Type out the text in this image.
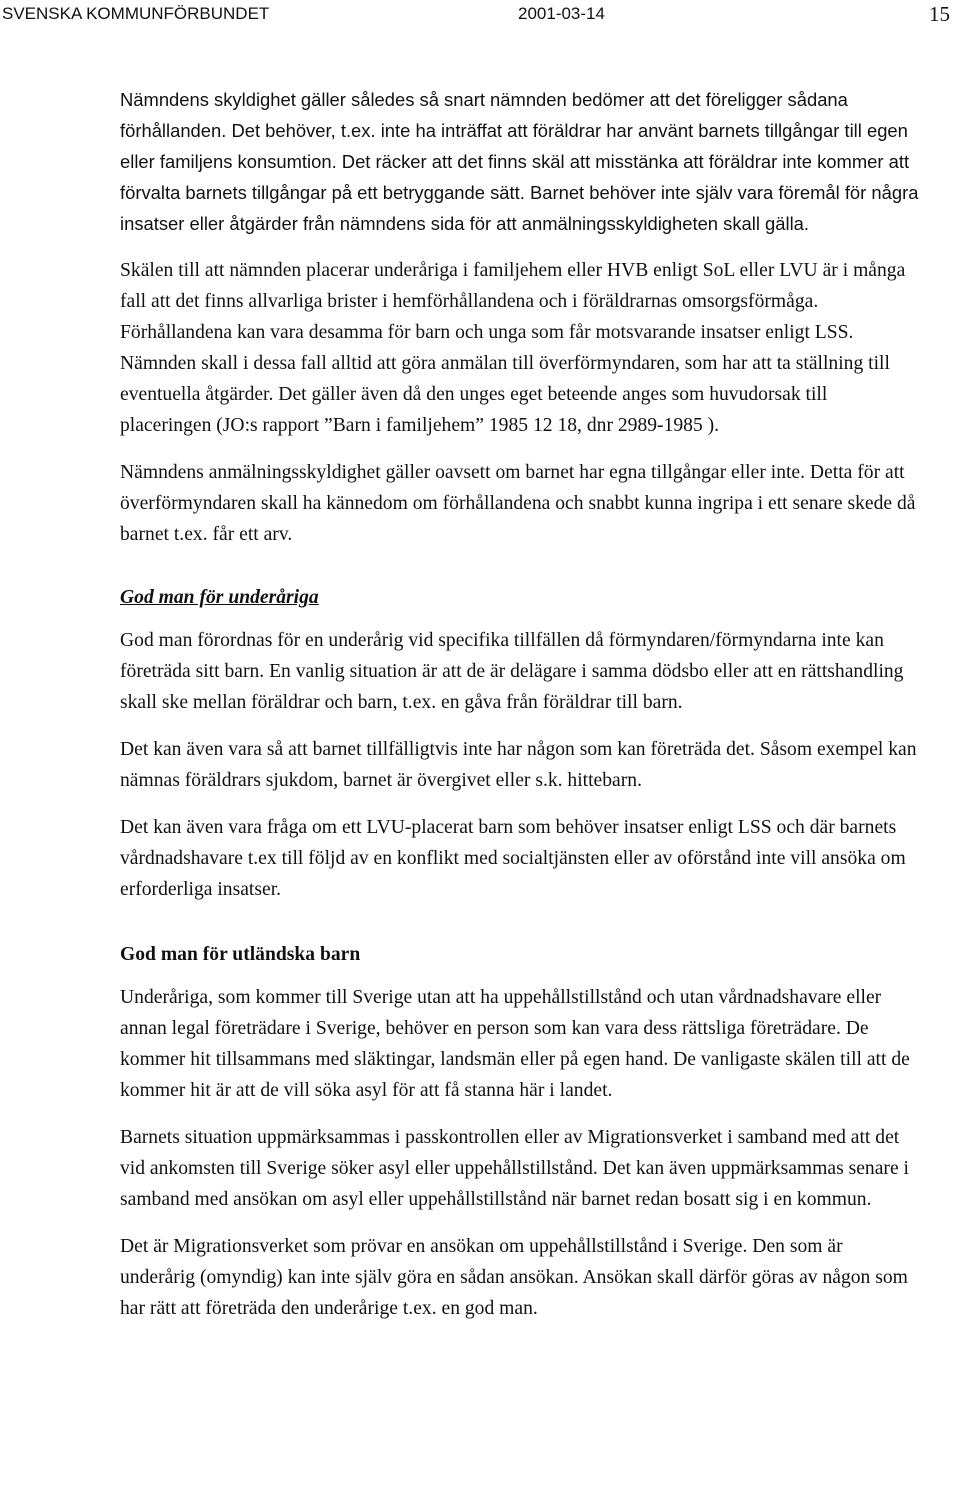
SVENSKA KOMMUNFÖRBUNDET	2001-03-14	15

Nämndens skyldighet gäller således så snart nämnden bedömer att det föreligger sådana förhållanden. Det behöver, t.ex. inte ha inträffat att föräldrar har använt barnets tillgångar till egen eller familjens konsumtion. Det räcker att det finns skäl att misstänka att föräldrar inte kommer att förvalta barnets tillgångar på ett betryggande sätt. Barnet behöver inte själv vara föremål för några insatser eller åtgärder från nämndens sida för att anmälningsskyldigheten skall gälla.

Skälen till att nämnden placerar underåriga i familjehem eller HVB enligt SoL eller LVU är i många fall att det finns allvarliga brister i hemförhållandena och i föräldrarnas omsorgsförmåga. Förhållandena kan vara desamma för barn och unga som får motsvarande insatser enligt LSS. Nämnden skall i dessa fall alltid att göra anmälan till överförmyndaren, som har att ta ställning till eventuella åtgärder. Det gäller även då den unges eget beteende anges som huvudorsak till placeringen (JO:s rapport ”Barn i familjehem” 1985 12 18, dnr 2989-1985 ).

Nämndens anmälningsskyldighet gäller oavsett om barnet har egna tillgångar eller inte. Detta för att överförmyndaren skall ha kännedom om förhållandena och snabbt kunna ingripa i ett senare skede då barnet t.ex. får ett arv.

God man för underåriga

God man förordnas för en underårig vid specifika tillfällen då förmyndaren/förmyndarna inte kan företräda sitt barn. En vanlig situation är att de är delägare i samma dödsbo eller att en rättshandling skall ske mellan föräldrar och barn, t.ex. en gåva från föräldrar till barn.

Det kan även vara så att barnet tillfälligtvis inte har någon som kan företräda det. Såsom exempel kan nämnas föräldrars sjukdom, barnet är övergivet eller s.k. hittebarn.

Det kan även vara fråga om ett LVU-placerat barn som behöver insatser enligt LSS och där barnets vårdnadshavare t.ex till följd av en konflikt med socialtjänsten eller av oförstånd inte vill ansöka om erforderliga insatser.

God man för utländska barn

Underåriga, som kommer till Sverige utan att ha uppehållstillstånd och utan vårdnadshavare eller annan legal företrädare i Sverige, behöver en person som kan vara dess rättsliga företrädare. De kommer hit tillsammans med släktingar, landsmän eller på egen hand. De vanligaste skälen till att de kommer hit är att de vill söka asyl för att få stanna här i landet.

Barnets situation uppmärksammas i passkontrollen eller av Migrationsverket i samband med att det vid ankomsten till Sverige söker asyl eller uppehållstillstånd. Det kan även uppmärksammas senare i samband med ansökan om asyl eller uppehållstillstånd när barnet redan bosatt sig i en kommun.

Det är Migrationsverket som prövar en ansökan om uppehållstillstånd i Sverige. Den som är underårig (omyndig) kan inte själv göra en sådan ansökan. Ansökan skall därför göras av någon som har rätt att företräda den underårige t.ex. en god man.
